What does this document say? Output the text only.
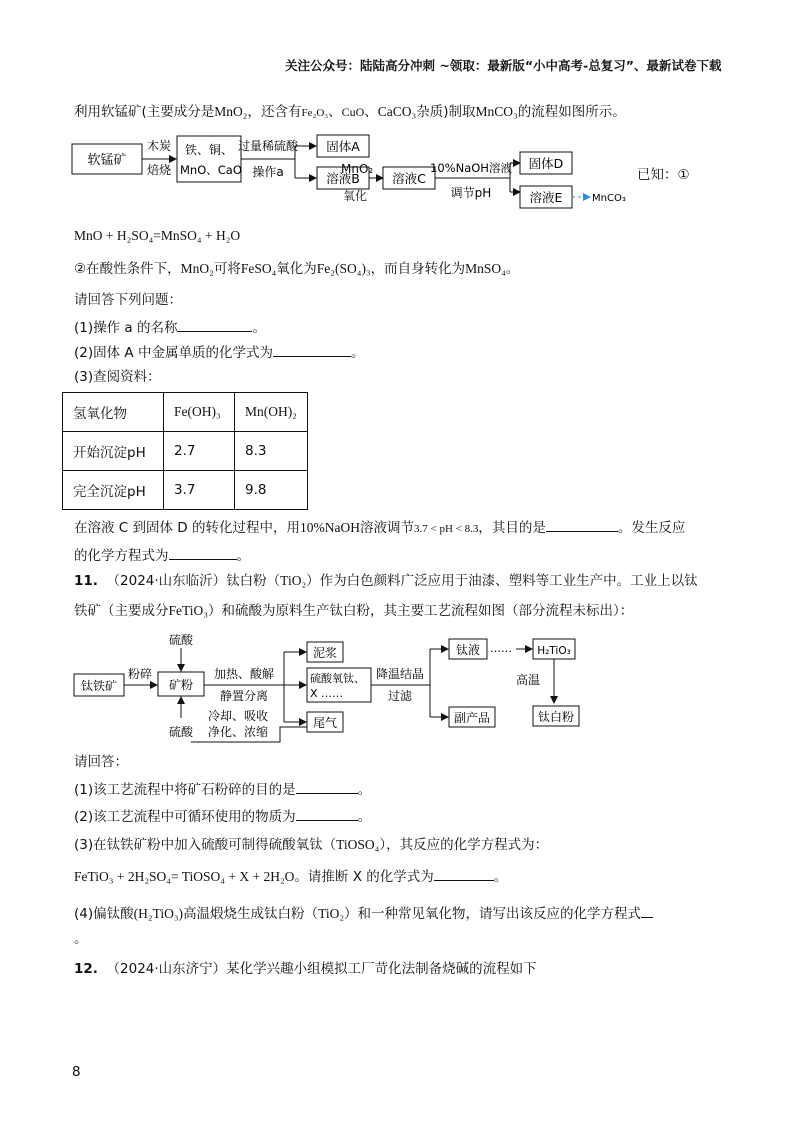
关注公众号：陆陆高分冲刺 ~领取：最新版“小中高考-总复习”、最新试卷下载
利用软锰矿(主要成分是MnO₂，还含有Fe₂O₃、CuO、CaCO₃杂质)制取MnCO₃的流程如图所示。
软锰矿
木炭
焙烧
铁、铜、
MnO、CaO
过量稀硫酸
操作a
固体A
溶液B	溶液C
10%NaOH溶液
调节pH
固体D
溶液E	MnCO₃
MnO₂
氧化
已知：①
MnO + H₂SO₄=MnSO₄ + H₂O
②在酸性条件下，MnO₂可将FeSO₄氧化为Fe₂(SO₄)₃，而自身转化为MnSO₄。
请回答下列问题：
(1)操作 a 的名称	。
(2)固体 A 中金属单质的化学式为	。
(3)查阅资料：
氢氧化物	Fe(OH)₃	Mn(OH)₂
开始沉淀pH	2.7	8.3
完全沉淀pH	3.7	9.8
在溶液 C 到固体 D 的转化过程中，用10%NaOH溶液调节3.7 < pH < 8.3，其目的是	。发生反应
的化学方程式为	。
11. （2024·山东临沂）钛白粉（TiO₂）作为白色颜料广泛应用于油漆、塑料等工业生产中。工业上以钛
铁矿（主要成分FeTiO₃）和硫酸为原料生产钛白粉，其主要工艺流程如图（部分流程未标出）：
钛铁矿
粉碎
矿粉
硫酸
硫酸
加热、酸解
静置分离
泥浆
硫酸氧钛、
X ……
尾气
冷却、吸收
净化、浓缩
降温结晶
过滤
钛液 …… H₂TiO₃
高温
副产品	钛白粉
请回答：
(1)该工艺流程中将矿石粉碎的目的是	。
(2)该工艺流程中可循环使用的物质为	。
(3)在钛铁矿粉中加入硫酸可制得硫酸氧钛（TiOSO₄），其反应的化学方程式为：
FeTiO₃ + 2H₂SO₄= TiOSO₄ + X + 2H₂O。请推断 X 的化学式为	。
(4)偏钛酸(H₂TiO₃)高温煅烧生成钛白粉（TiO₂）和一种常见氧化物，请写出该反应的化学方程式
。
12. （2024·山东济宁）某化学兴趣小组模拟工厂苛化法制备烧碱的流程如下
8
